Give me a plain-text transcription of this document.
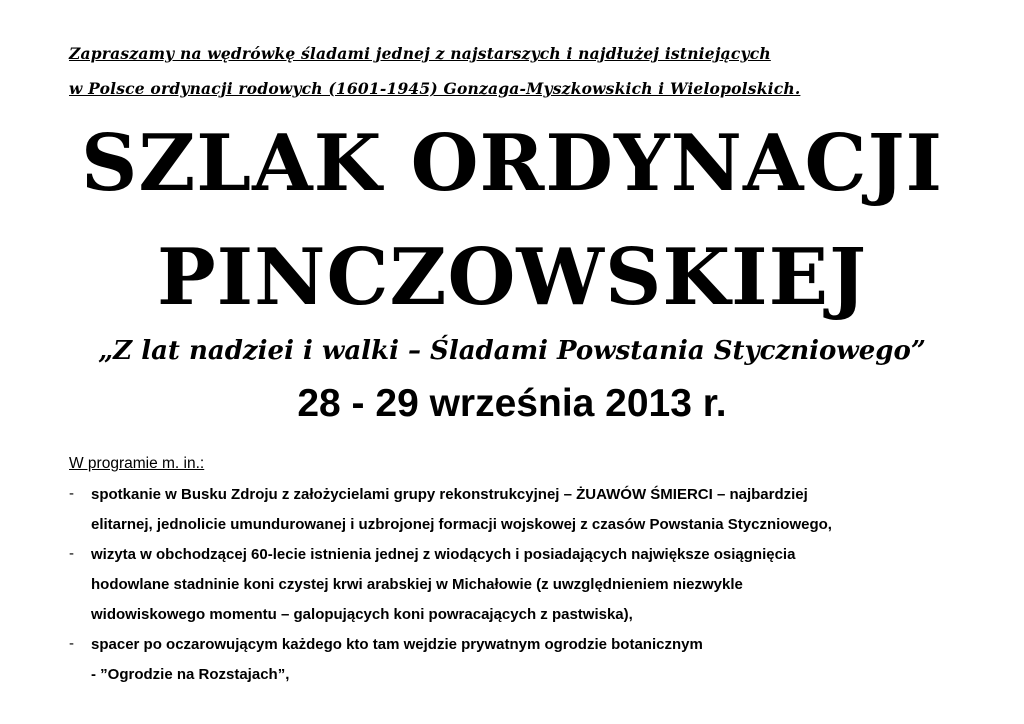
Zapraszamy na wędrówkę śladami jednej z najstarszych i najdłużej istniejących
w Polsce ordynacji rodowych (1601-1945) Gonzaga-Myszkowskich i Wielopolskich.
SZLAK ORDYNACJI
PINCZOWSKIEJ
„Z lat nadziei i walki – Śladami Powstania Styczniowego”
28 - 29 września 2013 r.
W programie m. in.:
- spotkanie w Busku Zdroju z założycielami grupy rekonstrukcyjnej – ŻUAWÓW ŚMIERCI – najbardziej
elitarnej, jednolicie umundurowanej i uzbrojonej formacji wojskowej z czasów Powstania Styczniowego,
- wizyta w obchodzącej 60-lecie istnienia jednej z wiodących i posiadających największe osiągnięcia
hodowlane stadninie koni czystej krwi arabskiej w Michałowie (z uwzględnieniem niezwykle
widowiskowego momentu – galopujących koni powracających z pastwiska),
- spacer po oczarowującym każdego kto tam wejdzie prywatnym ogrodzie botanicznym
- ”Ogrodzie na Rozstajach”,
